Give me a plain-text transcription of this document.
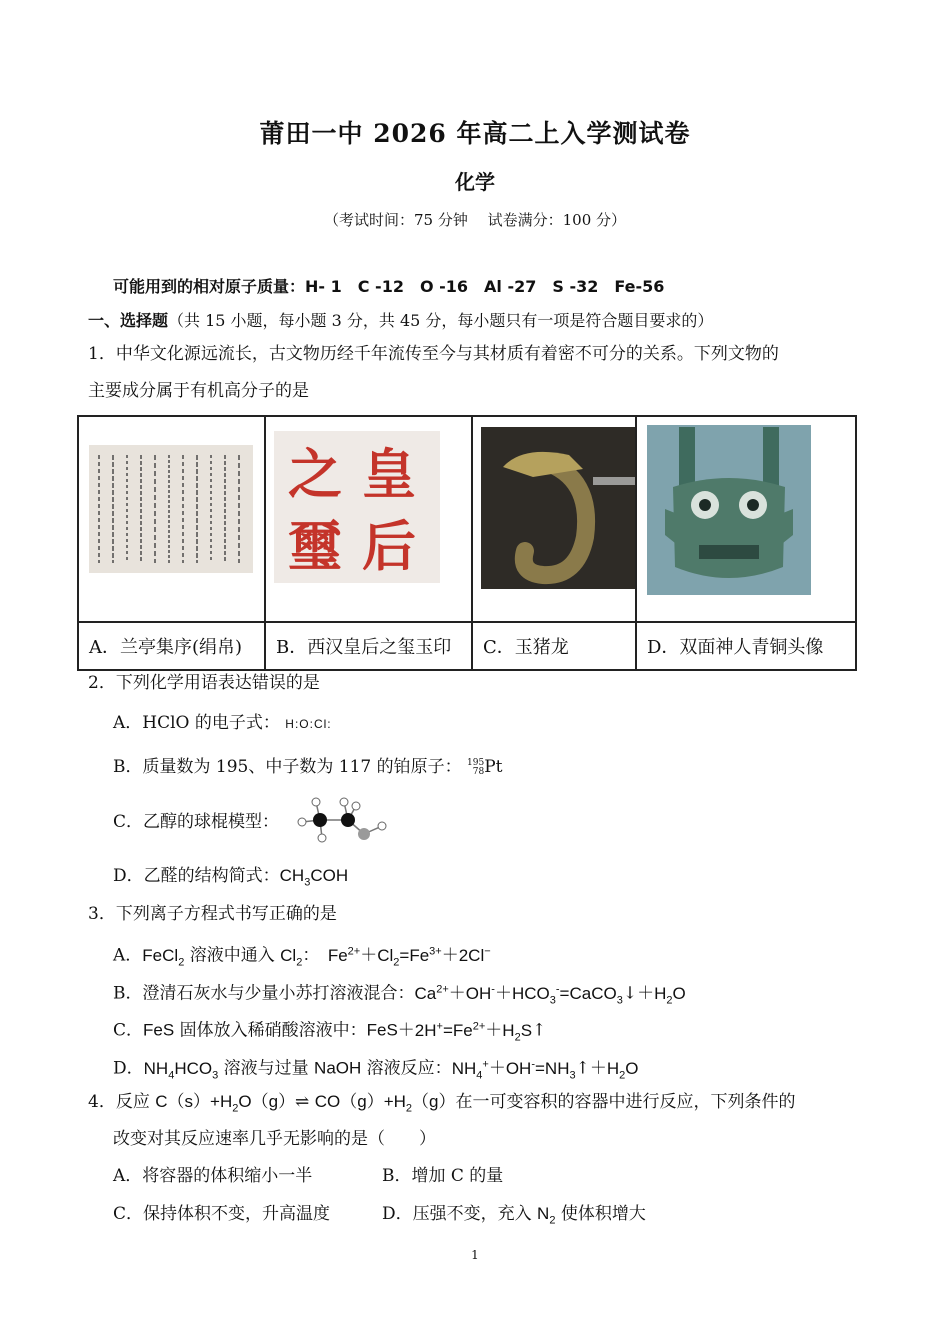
莆田一中 2026 年高二上入学测试卷
化学
（考试时间：75 分钟　 试卷满分：100 分）
可能用到的相对原子质量：H- 1　C -12　O -16　Al -27　S -32　Fe-56
一、选择题（共 15 小题，每小题 3 分，共 45 分，每小题只有一项是符合题目要求的）
1．中华文化源远流长，古文物历经千年流传至今与其材质有着密不可分的关系。下列文物的
主要成分属于有机高分子的是

皇
后
之
璽

A．兰亭集序(绢帛)	B．西汉皇后之玺玉印	C．玉猪龙	D．双面神人青铜头像
2．下列化学用语表达错误的是
A．HClO 的电子式： H:O:Cl:
B．质量数为 195、中子数为 117 的铂原子： 195
78Pt
C．乙醇的球棍模型：
D．乙醛的结构简式：$CH_3COH$
3．下列离子方程式书写正确的是
A．FeCl$_2$ 溶液中通入 $Cl_2$：　$Fe^{2+}+Cl_2=Fe^{3+}+2Cl^-$
B．澄清石灰水与少量小苏打溶液混合：$Ca^{2+}+OH^-+HCO_3^-=CaCO_3↓+H_2O$
C．FeS 固体放入稀硝酸溶液中：$FeS+2H^+=Fe^{2+}+H_2S↑$
D．$NH_4HCO_3$ 溶液与过量 NaOH 溶液反应：$NH_4^++OH^-=NH_3↑+H_2O$
4．反应 $C(s)+H_2O(g)\rightleftharpoons$ $CO(g)+H_2(g)$在一可变容积的容器中进行反应，下列条件的
改变对其反应速率几乎无影响的是（　　）
A．将容器的体积缩小一半	B．增加 C 的量
C．保持体积不变，升高温度	D．压强不变，充入 $N_2$ 使体积增大
1
